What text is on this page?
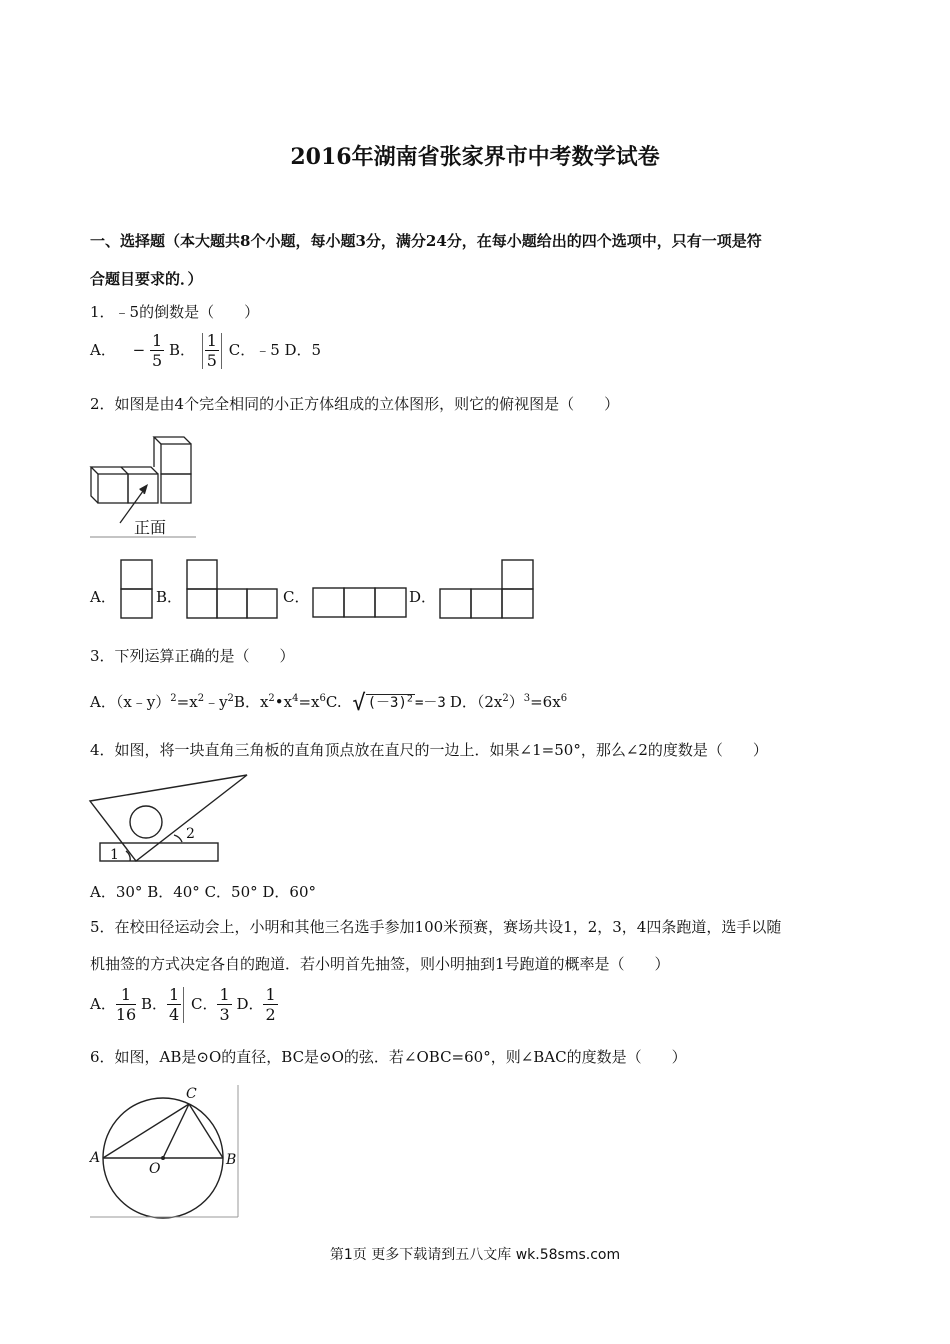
2016年湖南省张家界市中考数学试卷
一、选择题（本大题共8个小题，每小题3分，满分24分，在每小题给出的四个选项中，只有一项是符
合题目要求的．）
1．﹣5的倒数是（　　）
A． − $\frac{1}{5}$ B． $\frac{1}{5}$ C．﹣5 D．5
2．如图是由4个完全相同的小正方体组成的立体图形，则它的俯视图是（　　）
正面
A．	B．	C．	D．
3．下列运算正确的是（　　）
A．$(x﹣y)^2=x^2﹣y^2B$．$x^2•x^4=x^6C$. √ $(-3)^2 =-3$ D．$(2x^2)^3=6x^6$
4．如图，将一块直角三角板的直角顶点放在直尺的一边上．如果∠1=50°，那么∠2的度数是（　　）
1
2
A．30° B．40° C．50° D．60°
5．在校田径运动会上，小明和其他三名选手参加100米预赛，赛场共设1，2，3，4四条跑道，选手以随
机抽签的方式决定各自的跑道．若小明首先抽签，则小明抽到1号跑道的概率是（　　）
A． $\frac{1}{16}$ B． $\frac{1}{4}$ C． $\frac{1}{3}$ D． $\frac{1}{2}$
6．如图，AB是⊙O的直径，BC是⊙O的弦．若∠OBC=60°，则∠BAC的度数是（　　）
A	B
C
O
第1页 更多下载请到五八文库 wk.58sms.com
